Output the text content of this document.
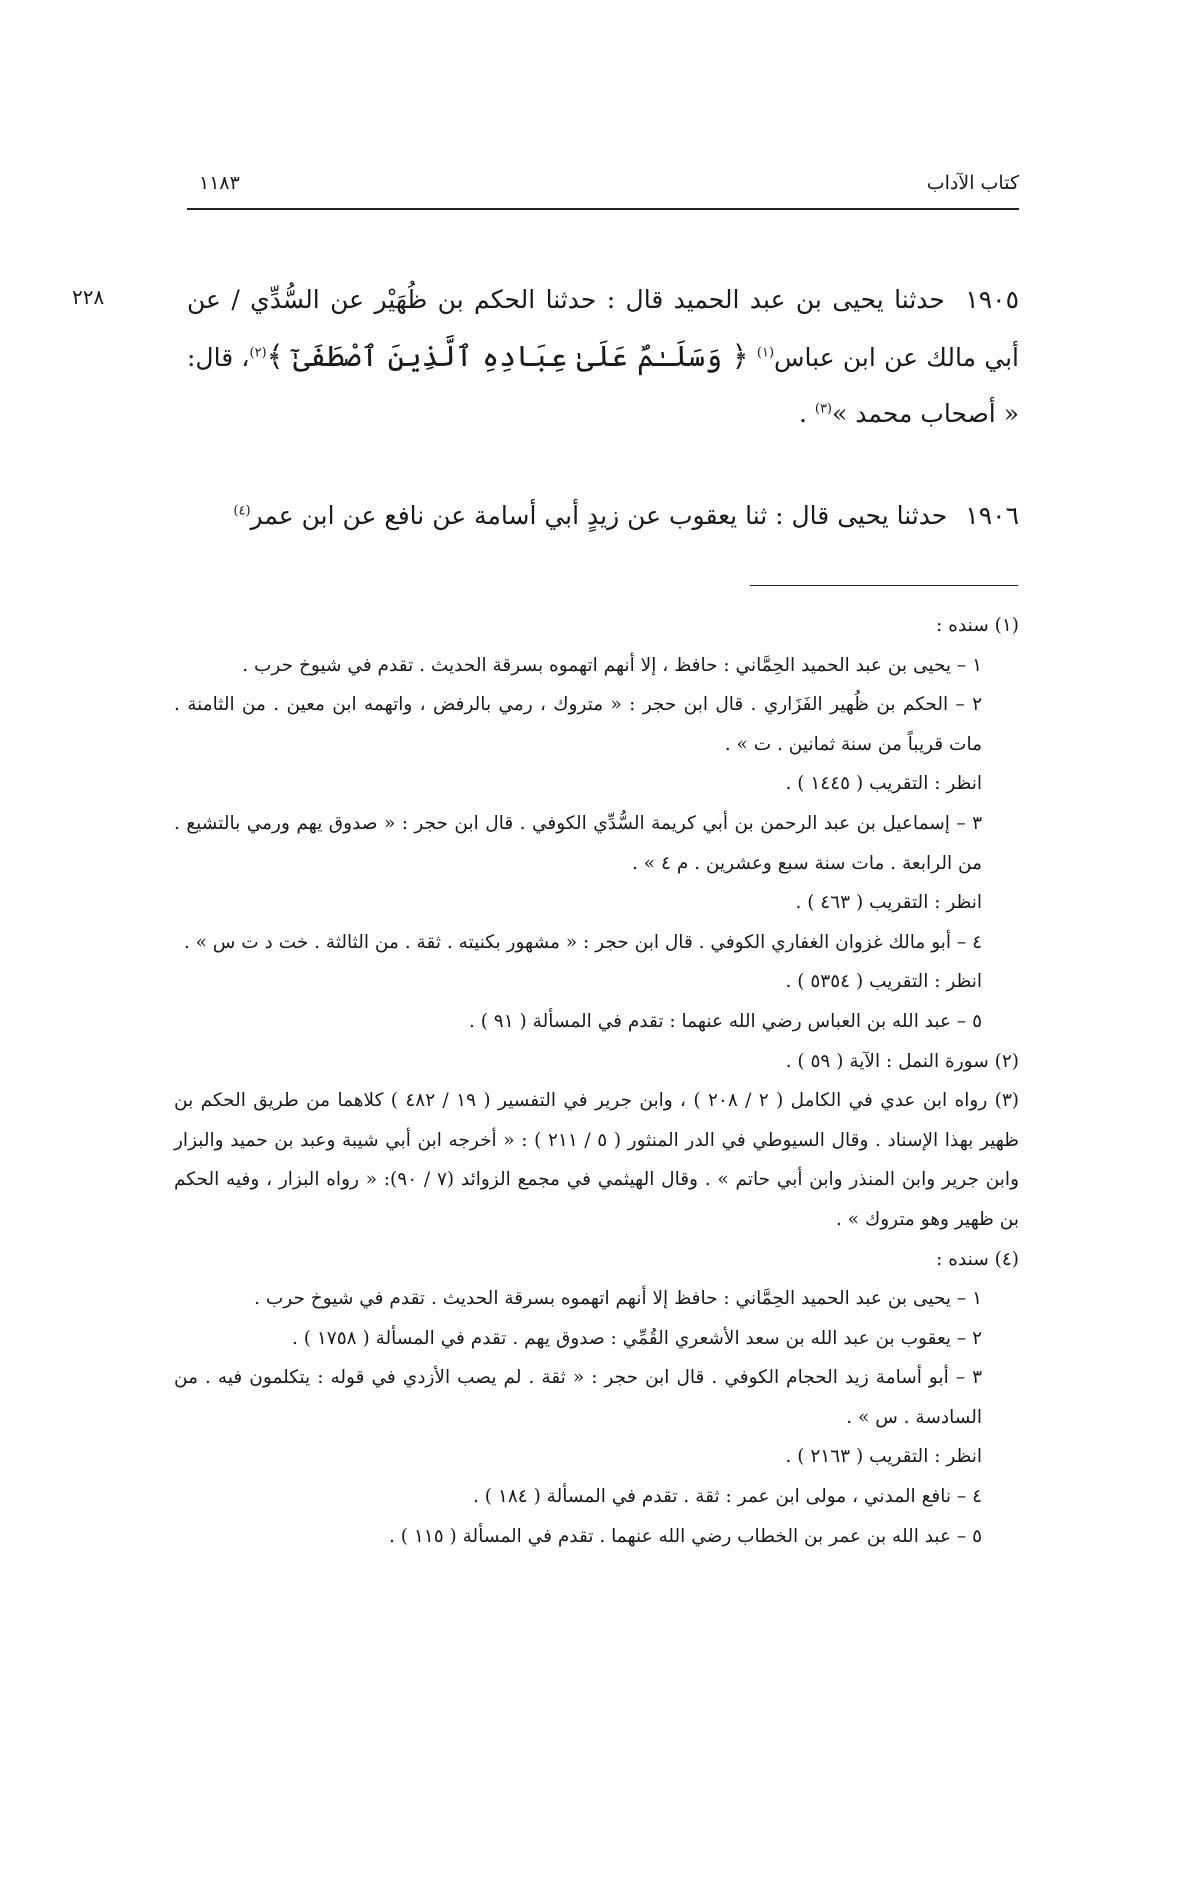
كتاب الآداب
١١٨٣
٢٢٨	١٩٠٥ حدثنا يحيى بن عبد الحميد قال : حدثنا الحكم بن ظُهَيْر عن السُّدِّي / عن أبي مالك عن ابن عباس$^{(١)}$ ﴿ وَسَلَـٰمٌ عَلَىٰ عِبَادِهِ ٱلَّذِينَ ٱصْطَفَىٰٓ ﴾$^{(٢)}$، قال: « أصحاب محمد »$^{(٣)}$ .
١٩٠٦ حدثنا يحيى قال : ثنا يعقوب عن زيدٍ أبي أسامة عن نافع عن ابن عمر$^{(٤)}$
(١) سنده :
١ – يحيى بن عبد الحميد الحِمَّاني : حافظ ، إلا أنهم اتهموه بسرقة الحديث . تقدم في شيوخ حرب .
٢ – الحكم بن ظُهير الفَزَاري . قال ابن حجر : « متروك ، رمي بالرفض ، واتهمه ابن معين . من الثامنة . مات قريباً من سنة ثمانين . ت » .
انظر : التقريب ( ١٤٤٥ ) .
٣ – إسماعيل بن عبد الرحمن بن أبي كريمة السُّدِّي الكوفي . قال ابن حجر : « صدوق يهم ورمي بالتشيع . من الرابعة . مات سنة سبع وعشرين . م ٤ » .
انظر : التقريب ( ٤٦٣ ) .
٤ – أبو مالك غزوان الغفاري الكوفي . قال ابن حجر : « مشهور بكنيته . ثقة . من الثالثة . خت د ت س » .
انظر : التقريب ( ٥٣٥٤ ) .
٥ – عبد الله بن العباس رضي الله عنهما : تقدم في المسألة ( ٩١ ) .
(٢) سورة النمل : الآية ( ٥٩ ) .
(٣) رواه ابن عدي في الكامل ( ٢ / ٢٠٨ ) ، وابن جرير في التفسير ( ١٩ / ٤٨٢ ) كلاهما من طريق الحكم بن ظهير بهذا الإسناد . وقال السيوطي في الدر المنثور ( ٥ / ٢١١ ) : « أخرجه ابن أبي شيبة وعبد بن حميد والبزار وابن جرير وابن المنذر وابن أبي حاتم » . وقال الهيثمي في مجمع الزوائد (٧ / ٩٠): « رواه البزار ، وفيه الحكم بن ظهير وهو متروك » .
(٤) سنده :
١ – يحيى بن عبد الحميد الحِمَّاني : حافظ إلا أنهم اتهموه بسرقة الحديث . تقدم في شيوخ حرب .
٢ – يعقوب بن عبد الله بن سعد الأشعري القُمِّي : صدوق يهم . تقدم في المسألة ( ١٧٥٨ ) .
٣ – أبو أسامة زيد الحجام الكوفي . قال ابن حجر : « ثقة . لم يصب الأزدي في قوله : يتكلمون فيه . من السادسة . س » .
انظر : التقريب ( ٢١٦٣ ) .
٤ – نافع المدني ، مولى ابن عمر : ثقة . تقدم في المسألة ( ١٨٤ ) .
٥ – عبد الله بن عمر بن الخطاب رضي الله عنهما . تقدم في المسألة ( ١١٥ ) .
